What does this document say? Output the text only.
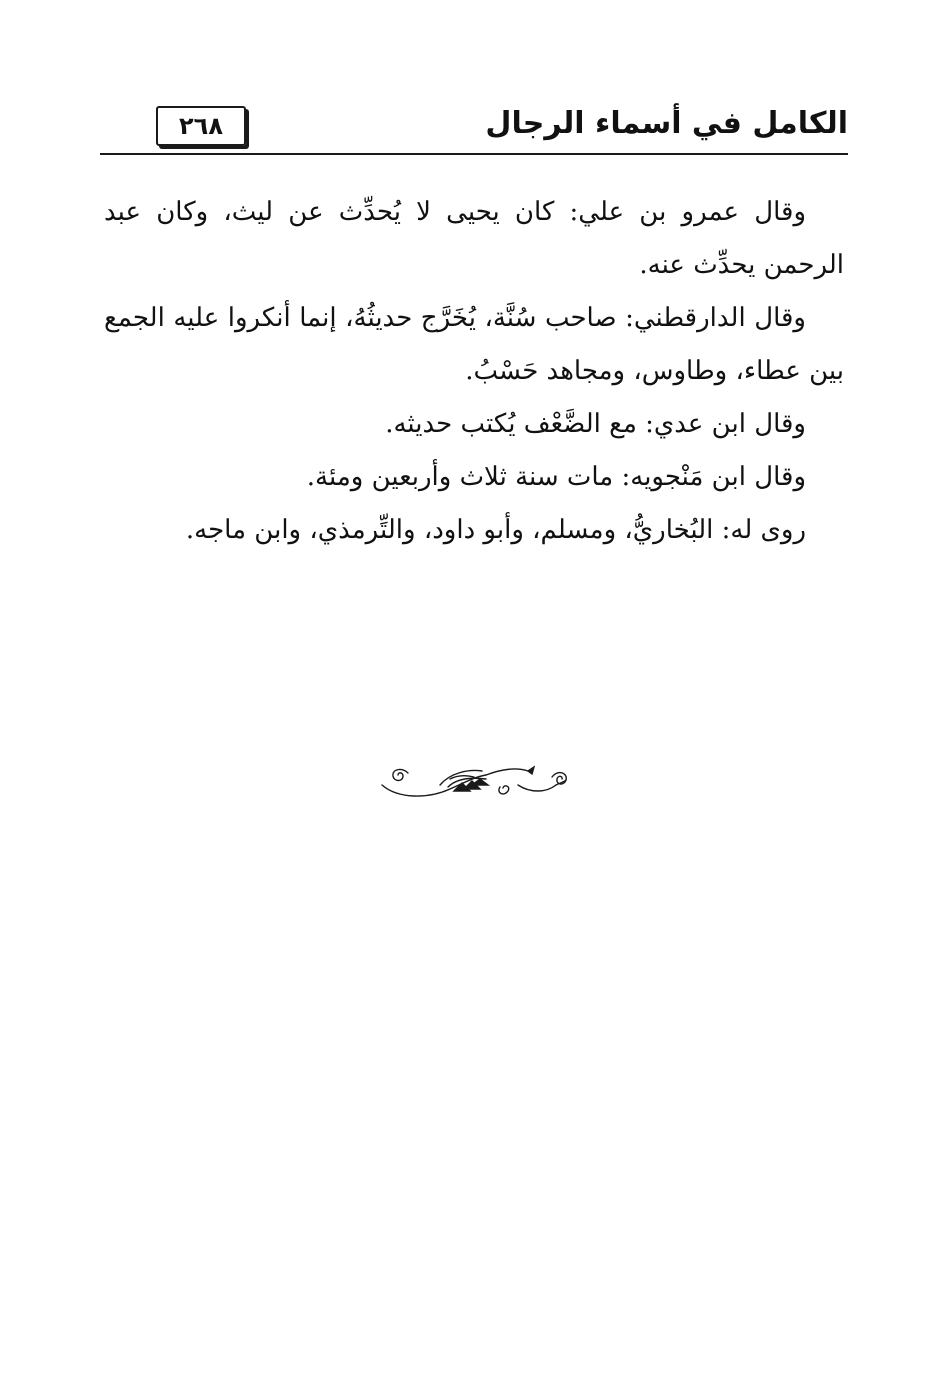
٢٦٨	الكامل في أسماء الرجال

وقال عمرو بن علي: كان يحيى لا يُحدِّث عن ليث، وكان عبد الرحمن يحدِّث عنه.

وقال الدارقطني: صاحب سُنَّة، يُخَرَّج حديثُهُ، إنما أنكروا عليه الجمع بين عطاء، وطاوس، ومجاهد حَسْبُ.

وقال ابن عدي: مع الضَّعْف يُكتب حديثه.

وقال ابن مَنْجويه: مات سنة ثلاث وأربعين ومئة.

روى له: البُخاريُّ، ومسلم، وأبو داود، والتِّرمذي، وابن ماجه.
